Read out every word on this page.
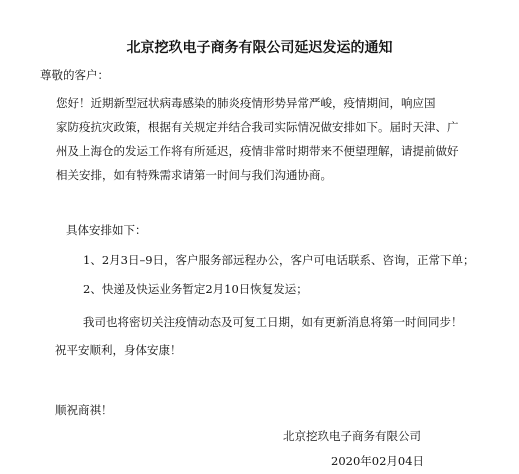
北京挖玖电子商务有限公司延迟发运的通知
尊敬的客户：
您好！近期新型冠状病毒感染的肺炎疫情形势异常严峻，疫情期间，响应国
家防疫抗灾政策，根据有关规定并结合我司实际情况做安排如下。届时天津、广
州及上海仓的发运工作将有所延迟，疫情非常时期带来不便望理解，请提前做好
相关安排，如有特殊需求请第一时间与我们沟通协商。
具体安排如下：
1、2月3日–9日，客户服务部远程办公，客户可电话联系、咨询，正常下单；
2、快递及快运业务暂定2月10日恢复发运；
我司也将密切关注疫情动态及可复工日期，如有更新消息将第一时间同步！
祝平安顺利，身体安康！
顺祝商祺！
北京挖玖电子商务有限公司
2020年02月04日
